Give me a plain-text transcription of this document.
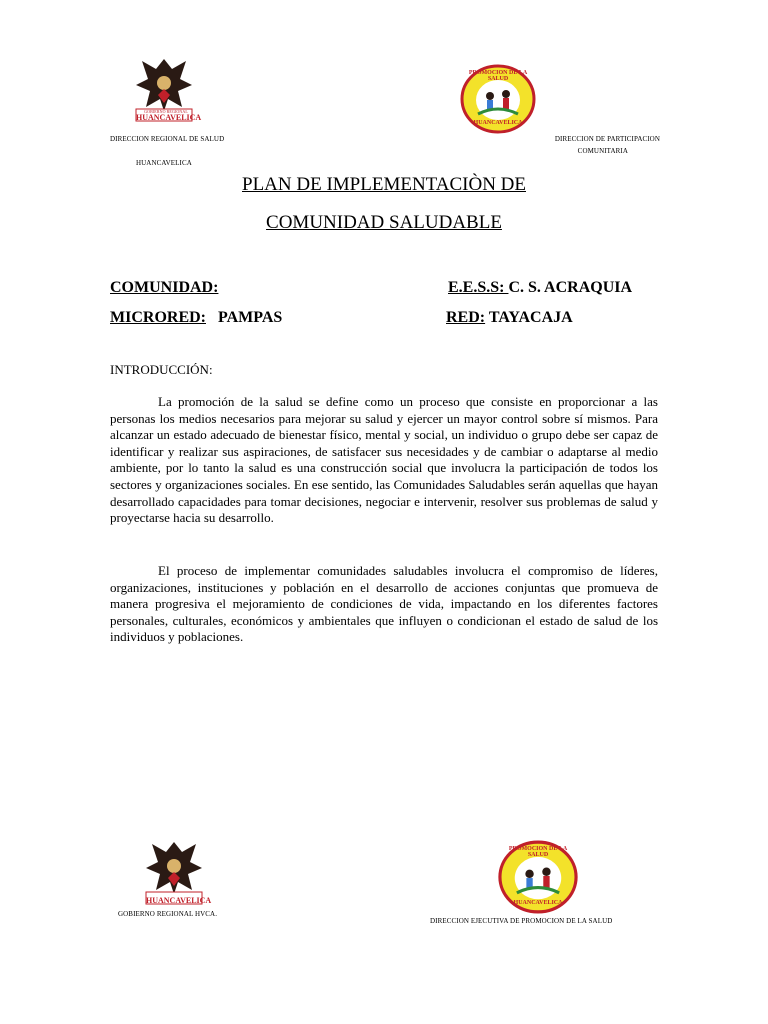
GOBIERNO REGIONAL
HUANCAVELICA
PROMOCION DE LA SALUD
HUANCAVELICA
DIRECCION REGIONAL DE SALUD
HUANCAVELICA
DIRECCION DE PARTICIPACION
COMUNITARIA
PLAN DE IMPLEMENTACIÒN DE
COMUNIDAD SALUDABLE
COMUNIDAD:	E.E.S.S: C. S. ACRAQUIA
MICRORED: PAMPAS	RED: TAYACAJA
INTRODUCCIÓN:
La promoción de la salud se define como un proceso que consiste en proporcionar a las personas los medios necesarios para mejorar su salud y ejercer un mayor control sobre sí mismos. Para alcanzar un estado adecuado de bienestar físico, mental y social, un individuo o grupo debe ser capaz de identificar y realizar sus aspiraciones, de satisfacer sus necesidades y de cambiar o adaptarse al medio ambiente, por lo tanto la salud es una construcción social que involucra la participación de todos los sectores y organizaciones sociales. En ese sentido, las Comunidades Saludables serán aquellas que hayan desarrollado capacidades para tomar decisiones, negociar e intervenir, resolver sus problemas de salud y proyectarse hacia su desarrollo.
El proceso de implementar comunidades saludables involucra el compromiso de líderes, organizaciones, instituciones y población en el desarrollo de acciones conjuntas que promueva de manera progresiva el mejoramiento de condiciones de vida, impactando en los diferentes factores personales, culturales, económicos y ambientales que influyen o condicionan el estado de salud de los individuos y poblaciones.
HUANCAVELICA
GOBIERNO REGIONAL HVCA.
PROMOCION DE LA SALUD
HUANCAVELICA
DIRECCION EJECUTIVA DE PROMOCION DE LA SALUD
